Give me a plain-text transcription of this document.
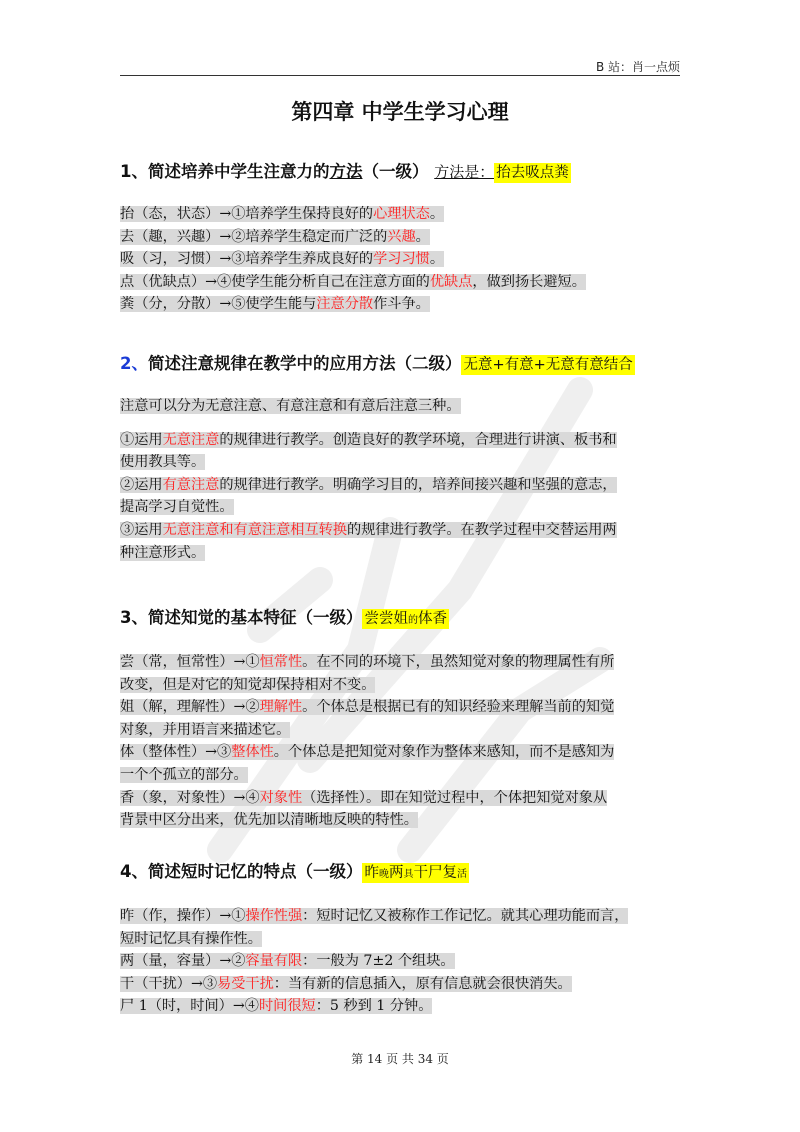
B 站：肖一点烦
第四章 中学生学习心理
1、简述培养中学生注意力的方法（一级） 方法是： 抬去吸点粪
抬（态，状态）→①培养学生保持良好的心理状态。
去（趣，兴趣）→②培养学生稳定而广泛的兴趣。
吸（习，习惯）→③培养学生养成良好的学习习惯。
点（优缺点）→④使学生能分析自己在注意方面的优缺点，做到扬长避短。
粪（分，分散）→⑤使学生能与注意分散作斗争。
2、简述注意规律在教学中的应用方法（二级） 无意+有意+无意有意结合
注意可以分为无意注意、有意注意和有意后注意三种。
①运用无意注意的规律进行教学。创造良好的教学环境，合理进行讲演、板书和
使用教具等。
②运用有意注意的规律进行教学。明确学习目的，培养间接兴趣和坚强的意志，
提高学习自觉性。
③运用无意注意和有意注意相互转换的规律进行教学。在教学过程中交替运用两
种注意形式。
3、简述知觉的基本特征（一级） 尝尝姐的体香
尝（常，恒常性）→①恒常性。在不同的环境下，虽然知觉对象的物理属性有所
改变，但是对它的知觉却保持相对不变。
姐（解，理解性）→②理解性。个体总是根据已有的知识经验来理解当前的知觉
对象，并用语言来描述它。
体（整体性）→③整体性。个体总是把知觉对象作为整体来感知，而不是感知为
一个个孤立的部分。
香（象，对象性）→④对象性（选择性）。即在知觉过程中，个体把知觉对象从
背景中区分出来，优先加以清晰地反映的特性。
4、简述短时记忆的特点（一级） 昨晚两具干尸复活
昨（作，操作）→①操作性强：短时记忆又被称作工作记忆。就其心理功能而言，
短时记忆具有操作性。
两（量，容量）→②容量有限：一般为 7±2 个组块。
干（干扰）→③易受干扰：当有新的信息插入，原有信息就会很快消失。
尸 1（时，时间）→④时间很短：5 秒到 1 分钟。
第 14 页 共 34 页
